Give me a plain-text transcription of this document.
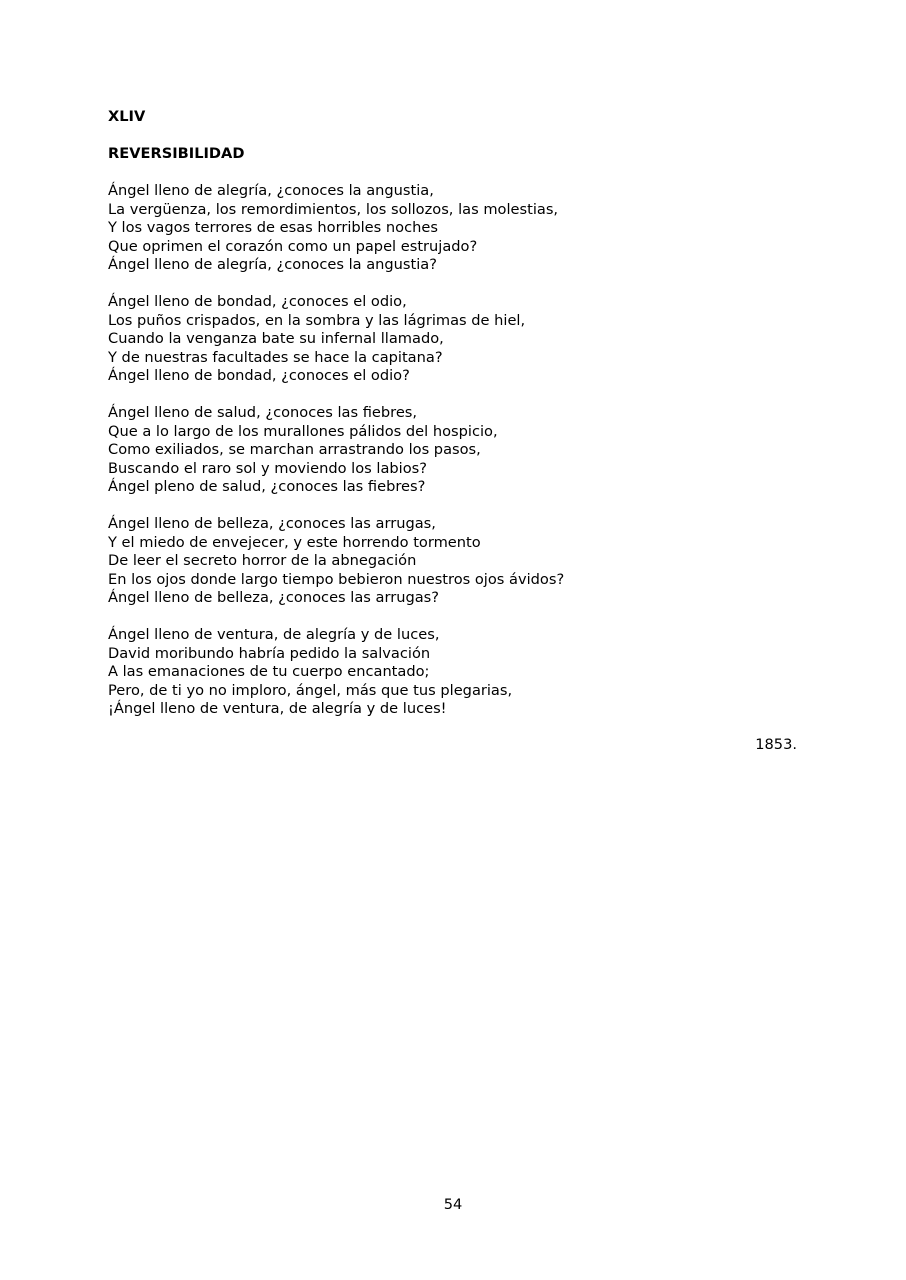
XLIV
REVERSIBILIDAD
Ángel lleno de alegría, ¿conoces la angustia,
La vergüenza, los remordimientos, los sollozos, las molestias,
Y los vagos terrores de esas horribles noches
Que oprimen el corazón como un papel estrujado?
Ángel lleno de alegría, ¿conoces la angustia?
Ángel lleno de bondad, ¿conoces el odio,
Los puños crispados, en la sombra y las lágrimas de hiel,
Cuando la venganza bate su infernal llamado,
Y de nuestras facultades se hace la capitana?
Ángel lleno de bondad, ¿conoces el odio?
Ángel lleno de salud, ¿conoces las fiebres,
Que a lo largo de los murallones pálidos del hospicio,
Como exiliados, se marchan arrastrando los pasos,
Buscando el raro sol y moviendo los labios?
Ángel pleno de salud, ¿conoces las fiebres?
Ángel lleno de belleza, ¿conoces las arrugas,
Y el miedo de envejecer, y este horrendo tormento
De leer el secreto horror de la abnegación
En los ojos donde largo tiempo bebieron nuestros ojos ávidos?
Ángel lleno de belleza, ¿conoces las arrugas?
Ángel lleno de ventura, de alegría y de luces,
David moribundo habría pedido la salvación
A las emanaciones de tu cuerpo encantado;
Pero, de ti yo no imploro, ángel, más que tus plegarias,
¡Ángel lleno de ventura, de alegría y de luces!
1853.
54
